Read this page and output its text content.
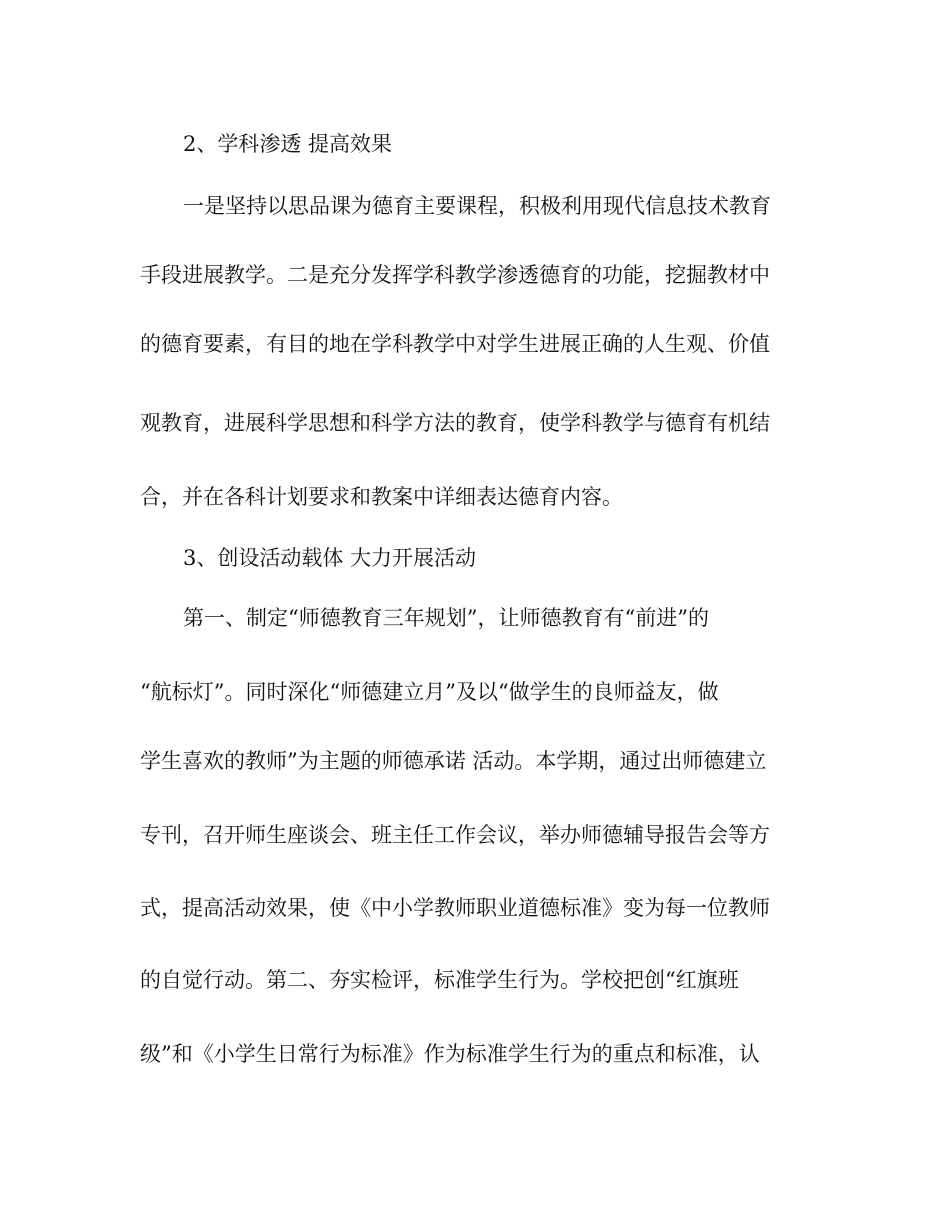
2、学科渗透 提高效果
一是坚持以思品课为德育主要课程，积极利用现代信息技术教育
手段进展教学。二是充分发挥学科教学渗透德育的功能，挖掘教材中
的德育要素，有目的地在学科教学中对学生进展正确的人生观、价值
观教育，进展科学思想和科学方法的教育，使学科教学与德育有机结
合，并在各科计划要求和教案中详细表达德育内容。
3、创设活动载体 大力开展活动
第一、制定“师德教育三年规划”，让师德教育有“前进”的
“航标灯”。同时深化“师德建立月”及以“做学生的良师益友，做
学生喜欢的教师”为主题的师德承诺 活动。本学期，通过出师德建立
专刊，召开师生座谈会、班主任工作会议，举办师德辅导报告会等方
式，提高活动效果，使《中小学教师职业道德标准》变为每一位教师
的自觉行动。第二、夯实检评，标准学生行为。学校把创“红旗班
级”和《小学生日常行为标准》作为标准学生行为的重点和标准，认
